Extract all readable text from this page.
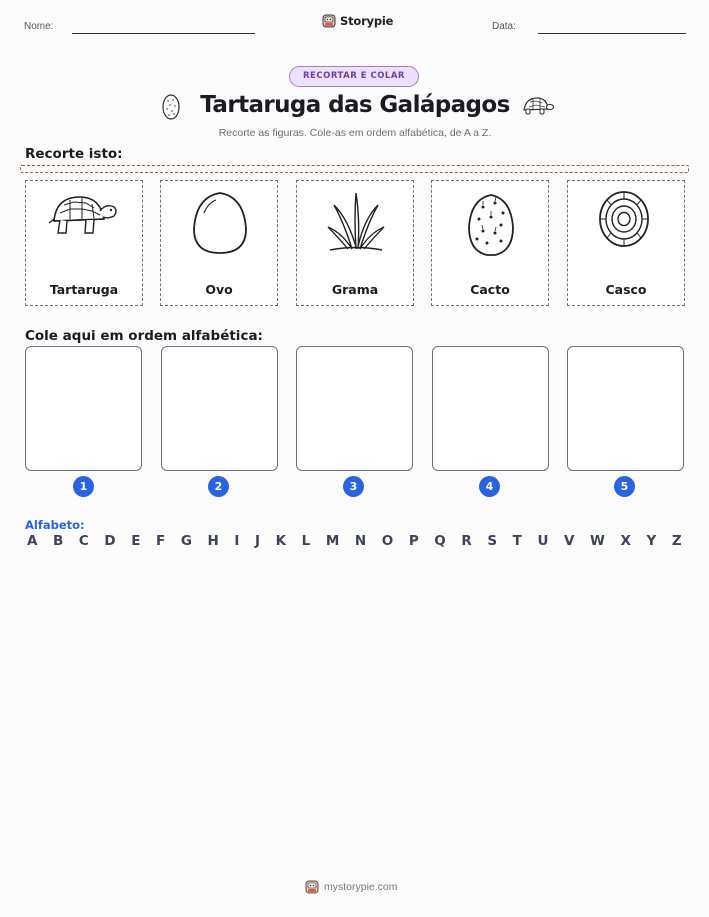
Nome:	Storypie	Data:
RECORTAR E COLAR
Tartaruga das Galápagos
Recorte as figuras. Cole-as em ordem alfabética, de A a Z.
Recorte isto:
Tartaruga	Ovo	Grama	Cacto	Casco
Cole aqui em ordem alfabética:
1	2	3	4	5
Alfabeto:
A B C D E F G H I J K L M N O P Q R S T U V W X Y Z
mystorypie.com
